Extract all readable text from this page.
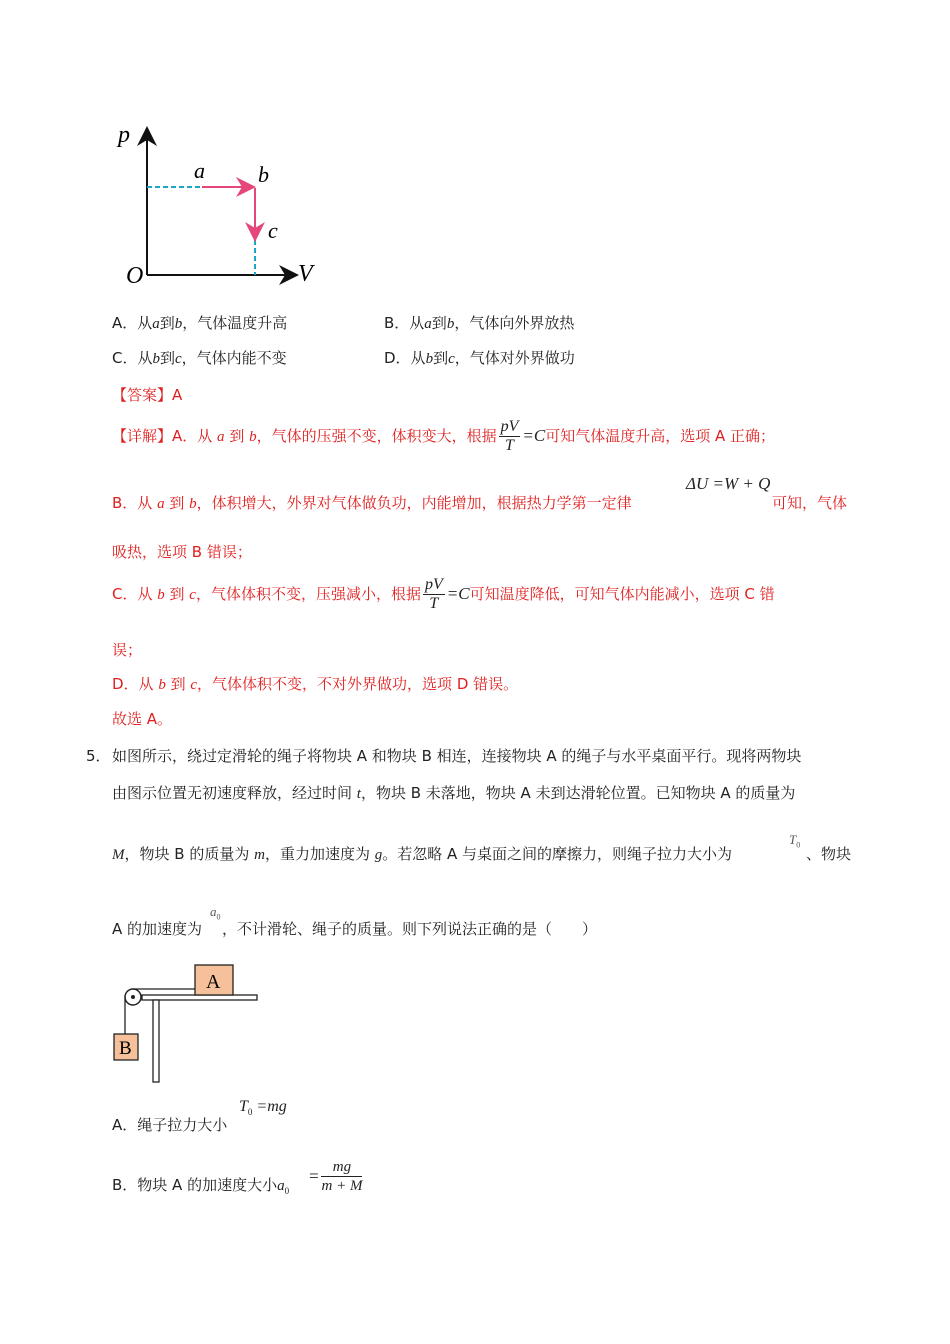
p
V
O
a b
c
A．从a到b，气体温度升高	B．从a到b，气体向外界放热
C．从b到c，气体内能不变	D．从b到c，气体对外界做功
【答案】A
【详解】A．从 a 到 b，气体的压强不变，体积变大，根据 $\frac{pV}{T} =C$可知气体温度升高，选项 A 正确；
ΔU =W + Q
B．从 a 到 b，体积增大，外界对气体做负功，内能增加，根据热力学第一定律	可知，气体
吸热，选项 B 错误；
C．从 b 到 c，气体体积不变，压强减小，根据 $\frac{pV}{T} =C$可知温度降低，可知气体内能减小，选项 C 错
误；
D．从 b 到 c，气体体积不变，不对外界做功，选项 D 错误。
故选 A。
5． 如图所示，绕过定滑轮的绳子将物块 A 和物块 B 相连，连接物块 A 的绳子与水平桌面平行。现将两物块
由图示位置无初速度释放，经过时间 t，物块 B 未落地，物块 A 未到达滑轮位置。已知物块 A 的质量为
M，物块 B 的质量为 m，重力加速度为 g。若忽略 A 与桌面之间的摩擦力，则绳子拉力大小为
$T_0$ 、物块
$a_0$
A 的加速度为 ，不计滑轮、绳子的质量。则下列说法正确的是（　　）
A
B
A．绳子拉力大小
$T_0 =mg$
B．物块 A 的加速度大小$a_0$
= $\frac{mg}{m + M}$
